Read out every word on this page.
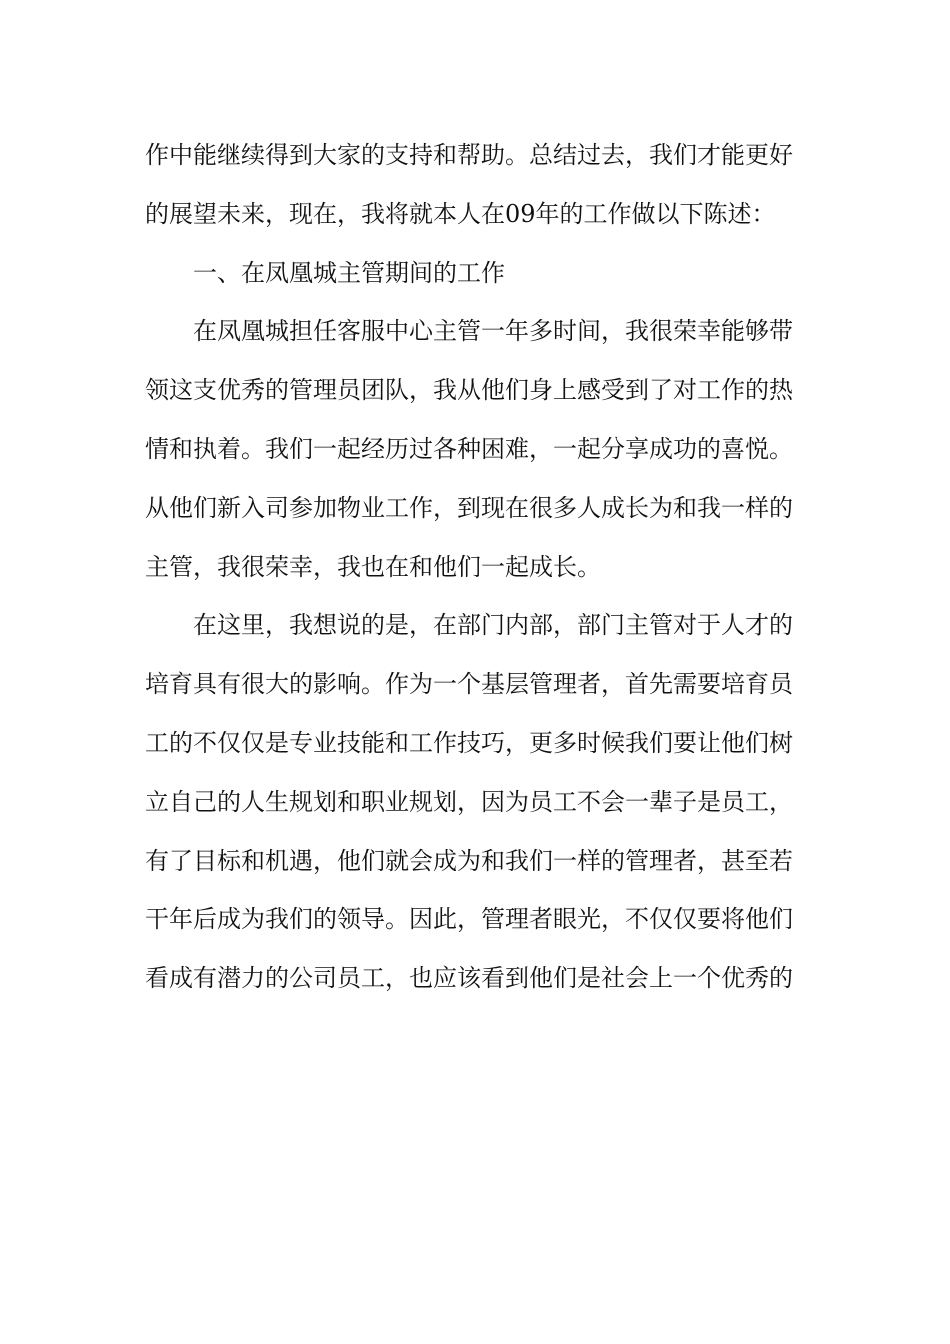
作中能继续得到大家的支持和帮助。总结过去，我们才能更好
的展望未来，现在，我将就本人在09年的工作做以下陈述：
一、在凤凰城主管期间的工作
在凤凰城担任客服中心主管一年多时间，我很荣幸能够带
领这支优秀的管理员团队，我从他们身上感受到了对工作的热
情和执着。我们一起经历过各种困难，一起分享成功的喜悦。
从他们新入司参加物业工作，到现在很多人成长为和我一样的
主管，我很荣幸，我也在和他们一起成长。
在这里，我想说的是，在部门内部，部门主管对于人才的
培育具有很大的影响。作为一个基层管理者，首先需要培育员
工的不仅仅是专业技能和工作技巧，更多时候我们要让他们树
立自己的人生规划和职业规划，因为员工不会一辈子是员工，
有了目标和机遇，他们就会成为和我们一样的管理者，甚至若
干年后成为我们的领导。因此，管理者眼光，不仅仅要将他们
看成有潜力的公司员工，也应该看到他们是社会上一个优秀的
